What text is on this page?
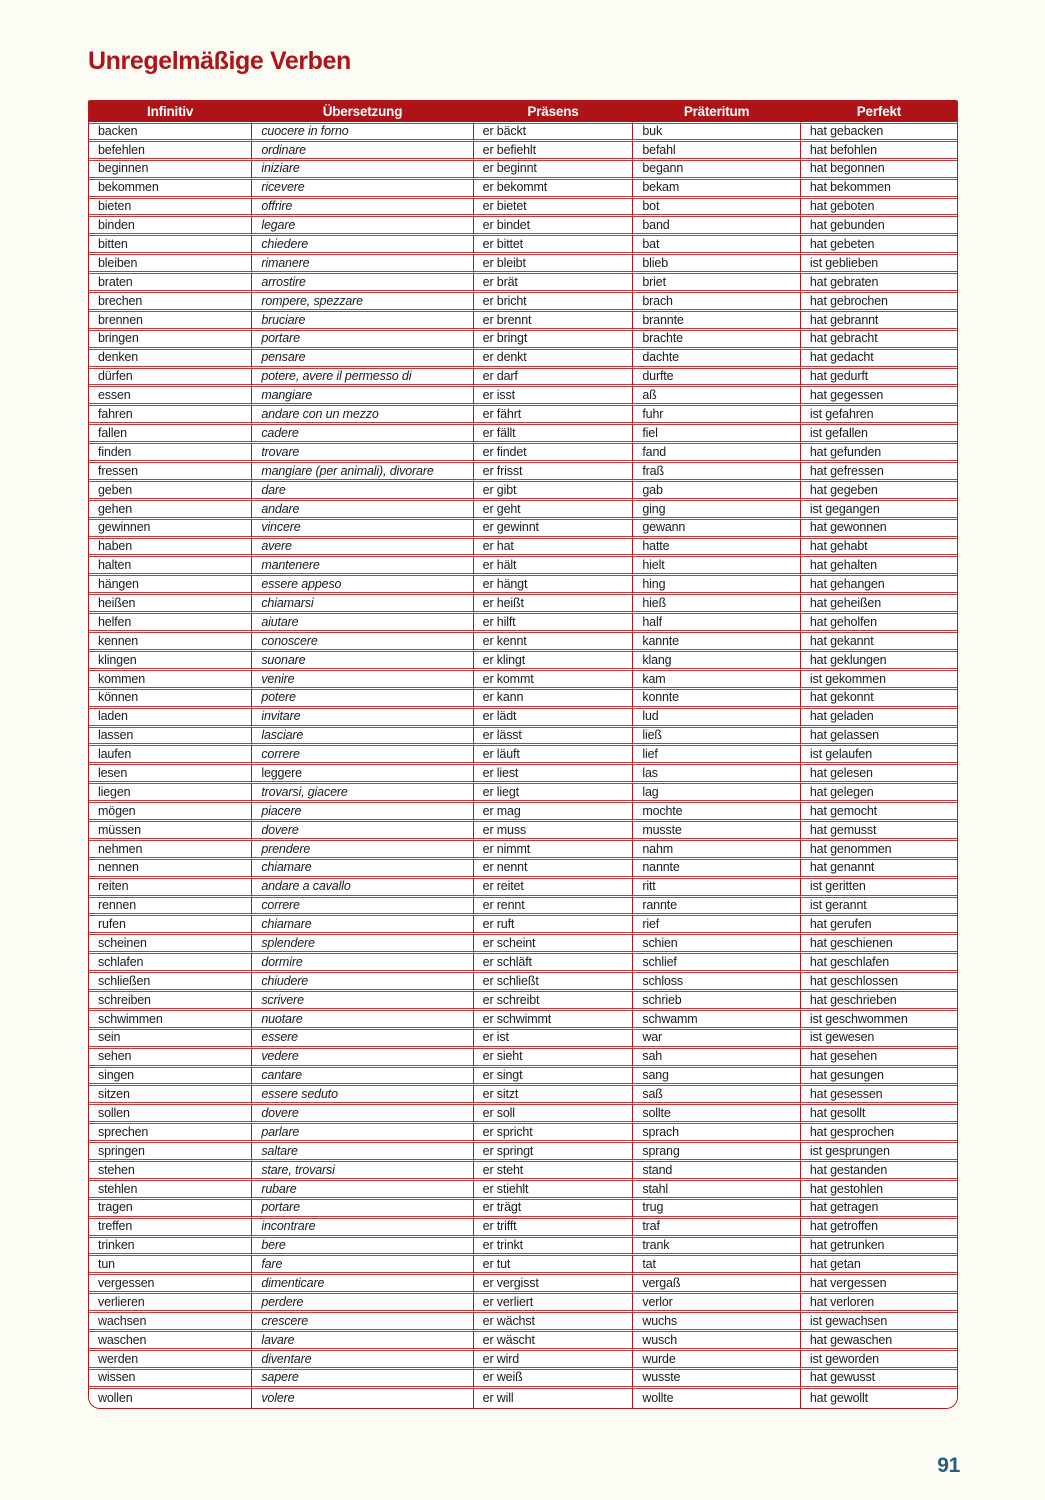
Unregelmäßige Verben
Infinitiv	Übersetzung	Präsens	Präteritum	Perfekt
backen	cuocere in forno	er bäckt	buk	hat gebacken
befehlen	ordinare	er befiehlt	befahl	hat befohlen
beginnen	iniziare	er beginnt	begann	hat begonnen
bekommen	ricevere	er bekommt	bekam	hat bekommen
bieten	offrire	er bietet	bot	hat geboten
binden	legare	er bindet	band	hat gebunden
bitten	chiedere	er bittet	bat	hat gebeten
bleiben	rimanere	er bleibt	blieb	ist geblieben
braten	arrostire	er brät	briet	hat gebraten
brechen	rompere, spezzare	er bricht	brach	hat gebrochen
brennen	bruciare	er brennt	brannte	hat gebrannt
bringen	portare	er bringt	brachte	hat gebracht
denken	pensare	er denkt	dachte	hat gedacht
dürfen	potere, avere il permesso di	er darf	durfte	hat gedurft
essen	mangiare	er isst	aß	hat gegessen
fahren	andare con un mezzo	er fährt	fuhr	ist gefahren
fallen	cadere	er fällt	fiel	ist gefallen
finden	trovare	er findet	fand	hat gefunden
fressen	mangiare (per animali), divorare	er frisst	fraß	hat gefressen
geben	dare	er gibt	gab	hat gegeben
gehen	andare	er geht	ging	ist gegangen
gewinnen	vincere	er gewinnt	gewann	hat gewonnen
haben	avere	er hat	hatte	hat gehabt
halten	mantenere	er hält	hielt	hat gehalten
hängen	essere appeso	er hängt	hing	hat gehangen
heißen	chiamarsi	er heißt	hieß	hat geheißen
helfen	aiutare	er hilft	half	hat geholfen
kennen	conoscere	er kennt	kannte	hat gekannt
klingen	suonare	er klingt	klang	hat geklungen
kommen	venire	er kommt	kam	ist gekommen
können	potere	er kann	konnte	hat gekonnt
laden	invitare	er lädt	lud	hat geladen
lassen	lasciare	er lässt	ließ	hat gelassen
laufen	correre	er läuft	lief	ist gelaufen
lesen	leggere	er liest	las	hat gelesen
liegen	trovarsi, giacere	er liegt	lag	hat gelegen
mögen	piacere	er mag	mochte	hat gemocht
müssen	dovere	er muss	musste	hat gemusst
nehmen	prendere	er nimmt	nahm	hat genommen
nennen	chiamare	er nennt	nannte	hat genannt
reiten	andare a cavallo	er reitet	ritt	ist geritten
rennen	correre	er rennt	rannte	ist gerannt
rufen	chiamare	er ruft	rief	hat gerufen
scheinen	splendere	er scheint	schien	hat geschienen
schlafen	dormire	er schläft	schlief	hat geschlafen
schließen	chiudere	er schließt	schloss	hat geschlossen
schreiben	scrivere	er schreibt	schrieb	hat geschrieben
schwimmen	nuotare	er schwimmt	schwamm	ist geschwommen
sein	essere	er ist	war	ist gewesen
sehen	vedere	er sieht	sah	hat gesehen
singen	cantare	er singt	sang	hat gesungen
sitzen	essere seduto	er sitzt	saß	hat gesessen
sollen	dovere	er soll	sollte	hat gesollt
sprechen	parlare	er spricht	sprach	hat gesprochen
springen	saltare	er springt	sprang	ist gesprungen
stehen	stare, trovarsi	er steht	stand	hat gestanden
stehlen	rubare	er stiehlt	stahl	hat gestohlen
tragen	portare	er trägt	trug	hat getragen
treffen	incontrare	er trifft	traf	hat getroffen
trinken	bere	er trinkt	trank	hat getrunken
tun	fare	er tut	tat	hat getan
vergessen	dimenticare	er vergisst	vergaß	hat vergessen
verlieren	perdere	er verliert	verlor	hat verloren
wachsen	crescere	er wächst	wuchs	ist gewachsen
waschen	lavare	er wäscht	wusch	hat gewaschen
werden	diventare	er wird	wurde	ist geworden
wissen	sapere	er weiß	wusste	hat gewusst
wollen	volere	er will	wollte	hat gewollt
91
